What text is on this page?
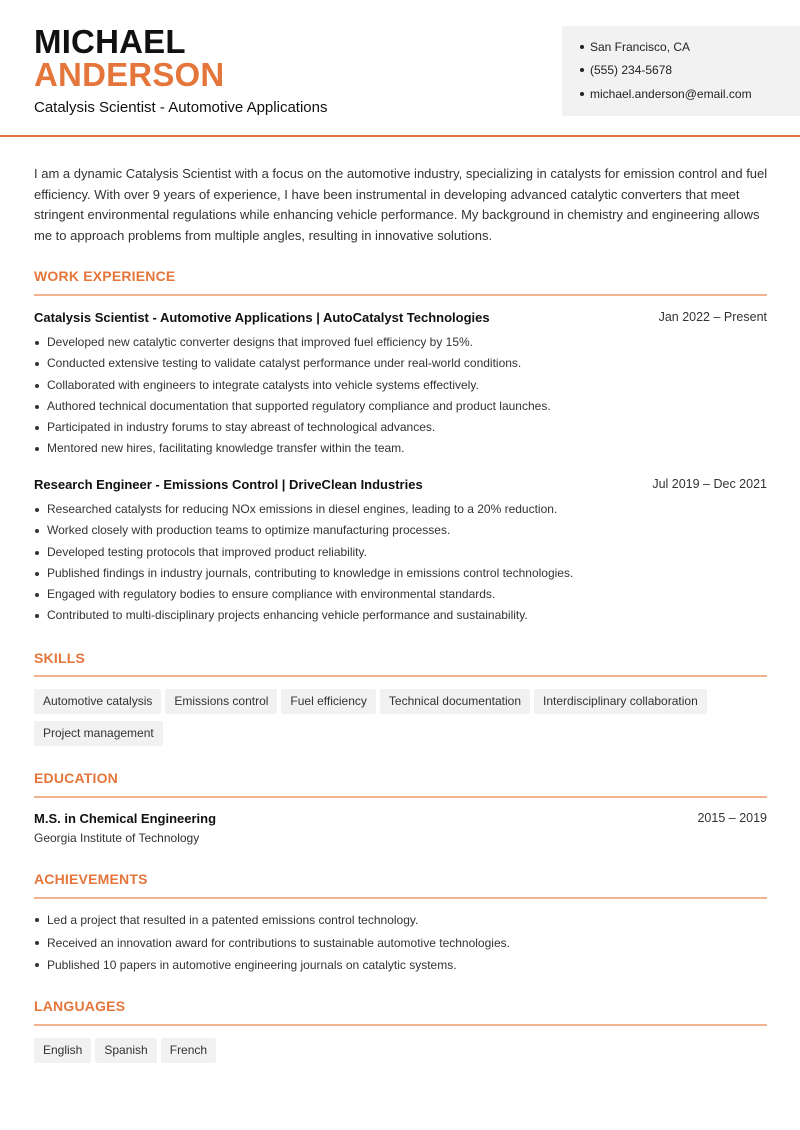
MICHAEL
ANDERSON
Catalysis Scientist - Automotive Applications
San Francisco, CA
(555) 234-5678
michael.anderson@email.com
I am a dynamic Catalysis Scientist with a focus on the automotive industry, specializing in catalysts for emission control and fuel efficiency. With over 9 years of experience, I have been instrumental in developing advanced catalytic converters that meet stringent environmental regulations while enhancing vehicle performance. My background in chemistry and engineering allows me to approach problems from multiple angles, resulting in innovative solutions.
WORK EXPERIENCE
Catalysis Scientist - Automotive Applications | AutoCatalyst Technologies	Jan 2022 – Present
Developed new catalytic converter designs that improved fuel efficiency by 15%.
Conducted extensive testing to validate catalyst performance under real-world conditions.
Collaborated with engineers to integrate catalysts into vehicle systems effectively.
Authored technical documentation that supported regulatory compliance and product launches.
Participated in industry forums to stay abreast of technological advances.
Mentored new hires, facilitating knowledge transfer within the team.
Research Engineer - Emissions Control | DriveClean Industries	Jul 2019 – Dec 2021
Researched catalysts for reducing NOx emissions in diesel engines, leading to a 20% reduction.
Worked closely with production teams to optimize manufacturing processes.
Developed testing protocols that improved product reliability.
Published findings in industry journals, contributing to knowledge in emissions control technologies.
Engaged with regulatory bodies to ensure compliance with environmental standards.
Contributed to multi-disciplinary projects enhancing vehicle performance and sustainability.
SKILLS
Automotive catalysis Emissions control Fuel efficiency Technical documentation Interdisciplinary collaborationProject management
EDUCATION
M.S. in Chemical Engineering	2015 – 2019
Georgia Institute of Technology
ACHIEVEMENTS
Led a project that resulted in a patented emissions control technology.
Received an innovation award for contributions to sustainable automotive technologies.
Published 10 papers in automotive engineering journals on catalytic systems.
LANGUAGES
English Spanish French
